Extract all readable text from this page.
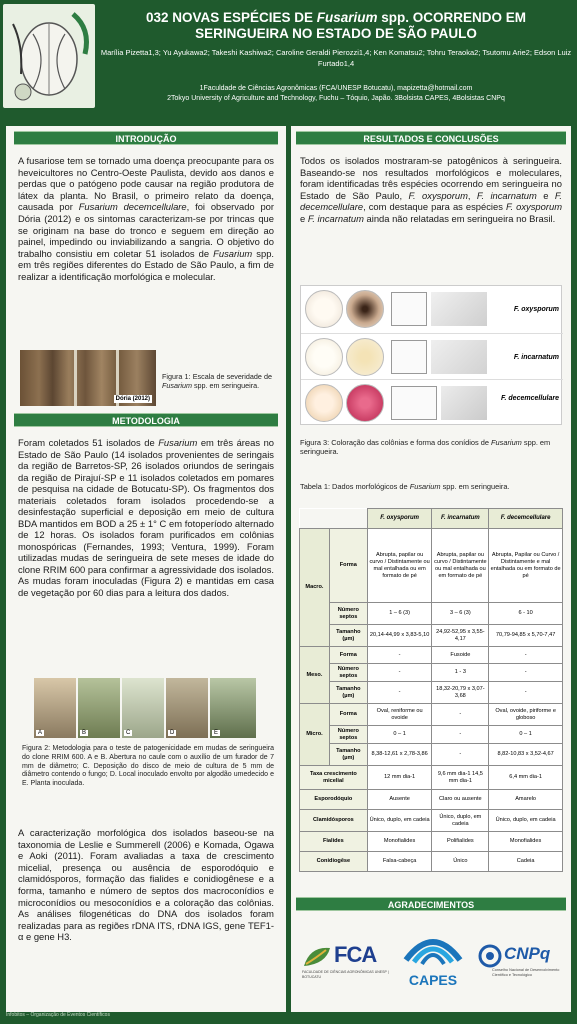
032 NOVAS ESPÉCIES DE Fusarium spp. OCORRENDO EM SERINGUEIRA NO ESTADO DE SÃO PAULO
Marília Pizetta1,3; Yu Ayukawa2; Takeshi Kashiwa2; Caroline Geraldi Pierozzi1,4; Ken Komatsu2; Tohru Teraoka2; Tsutomu Arie2; Edson Luiz Furtado1,4
1Faculdade de Ciências Agronômicas (FCA/UNESP Botucatu), mapizetta@hotmail.com
2Tokyo University of Agriculture and Technology, Fuchu – Tóquio, Japão. 3Bolsista CAPES, 4Bolsistas CNPq
INTRODUÇÃO
A fusariose tem se tornado uma doença preocupante para os heveicultores no Centro-Oeste Paulista, devido aos danos e perdas que o patógeno pode causar na região produtora de látex da planta. No Brasil, o primeiro relato da doença, causada por Fusarium decemcellulare, foi observado por Dória (2012) e os sintomas caracterizam-se por trincas que se originam na base do tronco e seguem em direção ao painel, impedindo ou inviabilizando a sangria. O objetivo do trabalho consistiu em coletar 51 isolados de Fusarium spp. em três regiões diferentes do Estado de São Paulo, a fim de realizar a identificação morfológica e molecular.
Dória (2012)
Figura 1: Escala de severidade de Fusarium spp. em seringueira.
METODOLOGIA
Foram coletados 51 isolados de Fusarium em três áreas no Estado de São Paulo (14 isolados provenientes de seringais da região de Barretos-SP, 26 isolados oriundos de seringais da região de Pirajuí-SP e 11 isolados coletados em pomares de pesquisa na cidade de Botucatu-SP). Os fragmentos dos materiais coletados foram isolados procedendo-se a desinfestação superficial e deposição em meio de cultura BDA mantidos em BOD a 25 ± 1° C em fotoperíodo alternado de 12 horas. Os isolados foram purificados em colônias monospóricas (Fernandes, 1993; Ventura, 1999). Foram utilizadas mudas de seringueira de sete meses de idade do clone RRIM 600 para confirmar a agressividade dos isolados. As mudas foram inoculadas (Figura 2) e mantidas em casa de vegetação por 60 dias para a leitura dos dados.
A	B	C	D	E
Figura 2: Metodologia para o teste de patogenicidade em mudas de seringueira do clone RRIM 600. A e B. Abertura no caule com o auxílio de um furador de 7 mm de diâmetro; C. Deposição do disco de meio de cultura de 5 mm de diâmetro contendo o fungo; D. Local inoculado envolto por algodão umedecido e E. Planta inoculada.
A caracterização morfológica dos isolados baseou-se na taxonomia de Leslie e Summerell (2006) e Komada, Ogawa e Aoki (2011). Foram avaliadas a taxa de crescimento micelial, presença ou ausência de esporodóquio e clamidósporos, formação das fialides e conidiogênese e a forma, tamanho e número de septos dos macroconídios e microconídios ou mesoconídios e a coloração das colônias. As análises filogenéticas do DNA dos isolados foram realizadas para as regiões rDNA ITS, rDNA IGS, gene TEF1-α e gene H3.
RESULTADOS E CONCLUSÕES
Todos os isolados mostraram-se patogênicos à seringueira. Baseando-se nos resultados morfológicos e moleculares, foram identificadas três espécies ocorrendo em seringueira no Estado de São Paulo, F. oxysporum, F. incarnatum e F. decemcellulare, com destaque para as espécies F. oxysporum e F. incarnatum ainda não relatadas em seringueira no Brasil.
F. oxysporum
F. incarnatum
F. decemcellulare
Figura 3: Coloração das colônias e forma dos conídios de Fusarium spp. em seringueira.
Tabela 1: Dados morfológicos de Fusarium spp. em seringueira.
		F. oxysporum	F. incarnatum	F. decemcellulare
Macro.	Forma	Abrupta, papilar ou curvo / Distintamente ou mal entalhada ou em formato de pé	Abrupta, papilar ou curvo / Distintamente ou mal entalhada ou em formato de pé	Abrupta, Papilar ou Curvo / Distintamente e mal entalhada ou em formato de pé
	Número septos	1 – 6 (3)	3 – 6 (3)	6 - 10
	Tamanho (µm)	20,14-44,99 x 3,83-5,10	24,92-52,95 x 3,55-4,17	70,79-94,85 x 5,70-7,47
Meso.	Forma	-	Fusoide	-
	Número septos	-	1 - 3	-
	Tamanho (µm)	-	18,32-20,79 x 3,07-3,68	-
Micro.	Forma	Oval, reniforme ou ovoide	-	Oval, ovoide, piriforme e globoso
	Número septos	0 – 1	-	0 – 1
	Tamanho (µm)	8,38-12,61 x 2,78-3,86	-	8,82-10,83 x 3,52-4,67
Taxa crescimento micelial		12 mm dia-1	9,6 mm dia-1 14,5 mm dia-1	6,4 mm dia-1
Esporodóquio		Ausente	Claro ou ausente	Amarelo
Clamidósporos		Único, duplo, em cadeia	Único, duplo, em cadeia	Único, duplo, em cadeia
Fialides		Monofialides	Polifialides	Monofialides
Conidiogêse		Falsa-cabeça	Único	Cadeia
AGRADECIMENTOS
FCA
FACULDADE DE CIÊNCIAS AGRONÔMICAS UNESP | BOTUCATU	CAPES
CNPq
Conselho Nacional de Desenvolvimento Científico e Tecnológico
Infobitos – Organização de Eventos Científicos
